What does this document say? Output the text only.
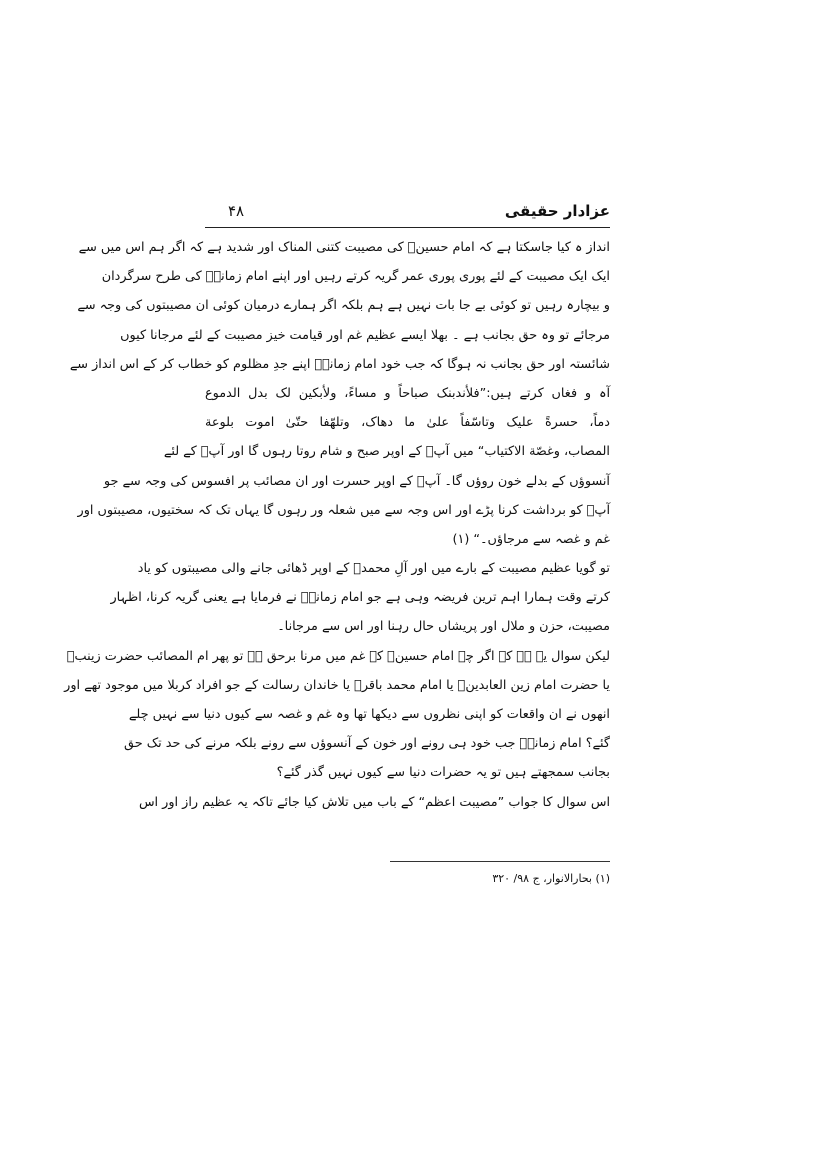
عزادار حقیقی
۴۸
انداز ہ کیا جاسکتا ہے کہ امام حسینؑ کی مصیبت کتنی المناک اور شدید ہے کہ اگر ہم اس میں سے
ایک ایک مصیبت کے لئے پوری پوری عمر گریہ کرتے رہیں اور اپنے امام زمانہؑ کی طرح سرگردان
و بیچارہ رہیں تو کوئی بے جا بات نہیں ہے ہم بلکہ اگر ہمارے درمیان کوئی ان مصیبتوں کی وجہ سے
مرجائے تو وہ حق بجانب ہے ۔ بھلا ایسے عظیم غم اور قیامت خیز مصیبت کے لئے مرجانا کیوں
شائستہ اور حق بجانب نہ ہوگا کہ جب خود امام زمانہؑ اپنے جدِ مظلوم کو خطاب کر کے اس انداز سے
آہ و فغاں کرتے ہیں:”فلأندبنک صباحاً و مساءً، ولأبکین لک بدل الدموع
دماً، حسرةً علیک وتاسّفاً علیٰ ما دھاک، وتلھّفا حتّیٰ اموت بلوعة
المصاب، وغصّة الاکتیاب“ میں آپؑ کے اوپر صبح و شام روتا رہوں گا اور آپؑ کے لئے
آنسوؤں کے بدلے خون روؤں گا۔ آپؑ کے اوپر حسرت اور ان مصائب پر افسوس کی وجہ سے جو
آپؑ کو برداشت کرنا پڑے اور اس وجہ سے میں شعلہ ور رہوں گا یہاں تک کہ سختیوں، مصیبتوں اور
غم و غصہ سے مرجاؤں۔“ (۱)
تو گویا عظیم مصیبت کے بارے میں اور آلِ محمدؐ کے اوپر ڈھائی جانے والی مصیبتوں کو یاد
کرتے وقت ہمارا اہم ترین فریضہ وہی ہے جو امام زمانہؑ نے فرمایا ہے یعنی گریہ کرنا، اظہار
مصیبت، حزن و ملال اور پریشاں حال رہنا اور اس سے مرجانا۔
لیکن سوال یہ ہے کہ اگر چہ امام حسینؑ کے غم میں مرنا برحق ہے تو پھر ام المصائب حضرت زینبؑ
یا حضرت امام زین العابدینؑ یا امام محمد باقرؑ یا خاندان رسالت کے جو افراد کربلا میں موجود تھے اور
انھوں نے ان واقعات کو اپنی نظروں سے دیکھا تھا وہ غم و غصہ سے کیوں دنیا سے نہیں چلے
گئے؟ امام زمانہؑ جب خود ہی رونے اور خون کے آنسوؤں سے رونے بلکہ مرنے کی حد تک حق
بجانب سمجھتے ہیں تو یہ حضرات دنیا سے کیوں نہیں گذر گئے؟
اس سوال کا جواب ”مصیبت اعظم“ کے باب میں تلاش کیا جائے تاکہ یہ عظیم راز اور اس
(۱) بحارالانوار، ج ۹۸/ ۳۲۰
